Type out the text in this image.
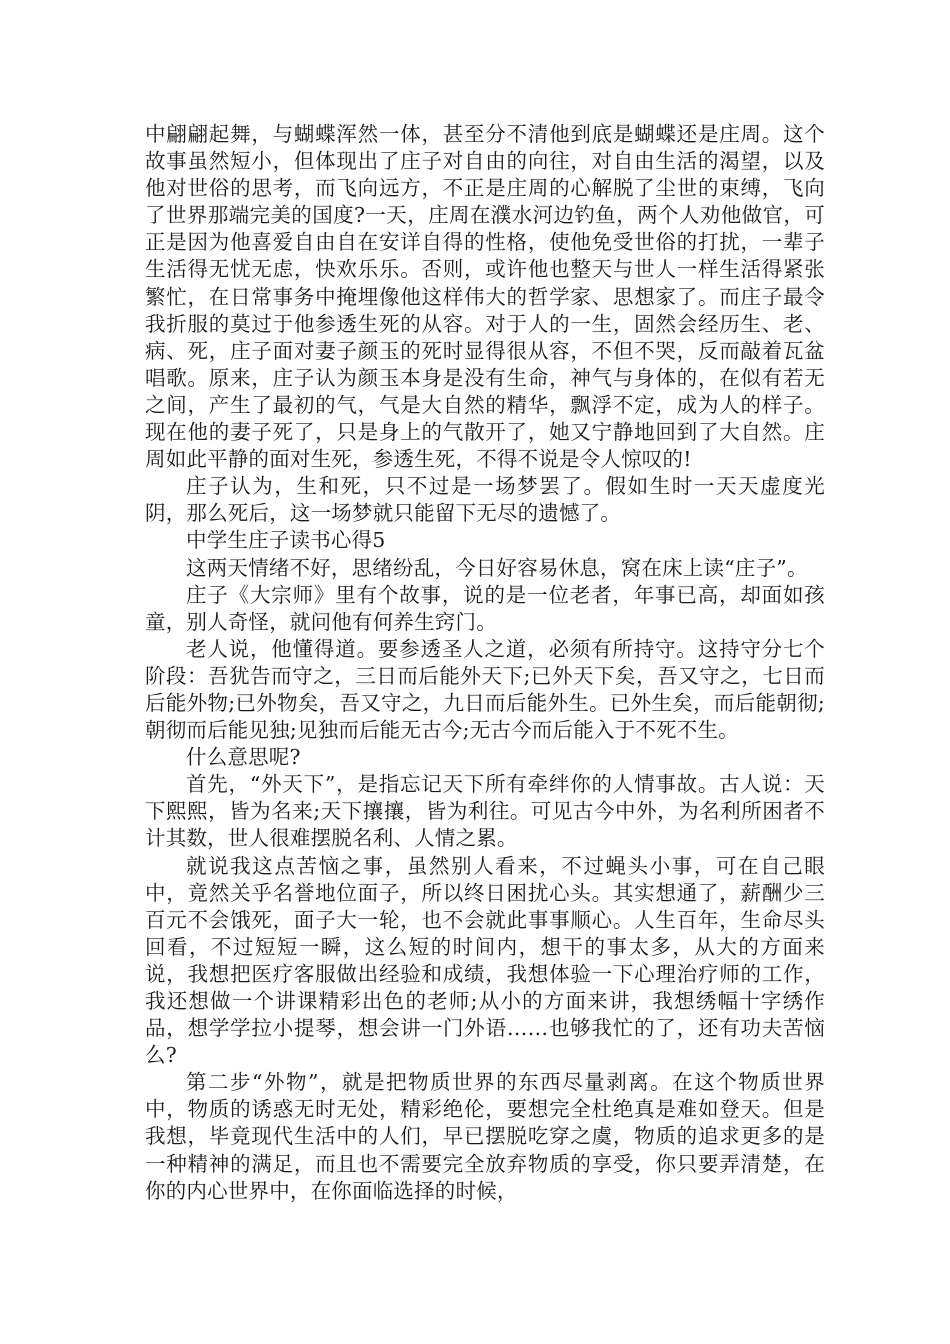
中翩翩起舞，与蝴蝶浑然一体，甚至分不清他到底是蝴蝶还是庄周。这个故事虽然短小，但体现出了庄子对自由的向往，对自由生活的渴望，以及他对世俗的思考，而飞向远方，不正是庄周的心解脱了尘世的束缚，飞向了世界那端完美的国度?一天，庄周在濮水河边钓鱼，两个人劝他做官，可正是因为他喜爱自由自在安详自得的性格，使他免受世俗的打扰，一辈子生活得无忧无虑，快欢乐乐。否则，或许他也整天与世人一样生活得紧张繁忙，在日常事务中掩埋像他这样伟大的哲学家、思想家了。而庄子最令我折服的莫过于他参透生死的从容。对于人的一生，固然会经历生、老、病、死，庄子面对妻子颜玉的死时显得很从容，不但不哭，反而敲着瓦盆唱歌。原来，庄子认为颜玉本身是没有生命，神气与身体的，在似有若无之间，产生了最初的气，气是大自然的精华，飘浮不定，成为人的样子。现在他的妻子死了，只是身上的气散开了，她又宁静地回到了大自然。庄周如此平静的面对生死，参透生死，不得不说是令人惊叹的!

庄子认为，生和死，只不过是一场梦罢了。假如生时一天天虚度光阴，那么死后，这一场梦就只能留下无尽的遗憾了。

中学生庄子读书心得5

这两天情绪不好，思绪纷乱，今日好容易休息，窝在床上读“庄子”。

庄子《大宗师》里有个故事，说的是一位老者，年事已高，却面如孩童，别人奇怪，就问他有何养生窍门。

老人说，他懂得道。要参透圣人之道，必须有所持守。这持守分七个阶段：吾犹告而守之，三日而后能外天下;已外天下矣，吾又守之，七日而后能外物;已外物矣，吾又守之，九日而后能外生。已外生矣，而后能朝彻;朝彻而后能见独;见独而后能无古今;无古今而后能入于不死不生。

什么意思呢?

首先，“外天下”，是指忘记天下所有牵绊你的人情事故。古人说：天下熙熙，皆为名来;天下攘攘，皆为利往。可见古今中外，为名利所困者不计其数，世人很难摆脱名利、人情之累。

就说我这点苦恼之事，虽然别人看来，不过蝇头小事，可在自己眼中，竟然关乎名誉地位面子，所以终日困扰心头。其实想通了，薪酬少三百元不会饿死，面子大一轮，也不会就此事事顺心。人生百年，生命尽头回看，不过短短一瞬，这么短的时间内，想干的事太多，从大的方面来说，我想把医疗客服做出经验和成绩，我想体验一下心理治疗师的工作，我还想做一个讲课精彩出色的老师;从小的方面来讲，我想绣幅十字绣作品，想学学拉小提琴，想会讲一门外语……也够我忙的了，还有功夫苦恼么?

第二步“外物”，就是把物质世界的东西尽量剥离。在这个物质世界中，物质的诱惑无时无处，精彩绝伦，要想完全杜绝真是难如登天。但是我想，毕竟现代生活中的人们，早已摆脱吃穿之虞，物质的追求更多的是一种精神的满足，而且也不需要完全放弃物质的享受，你只要弄清楚，在你的内心世界中，在你面临选择的时候，
